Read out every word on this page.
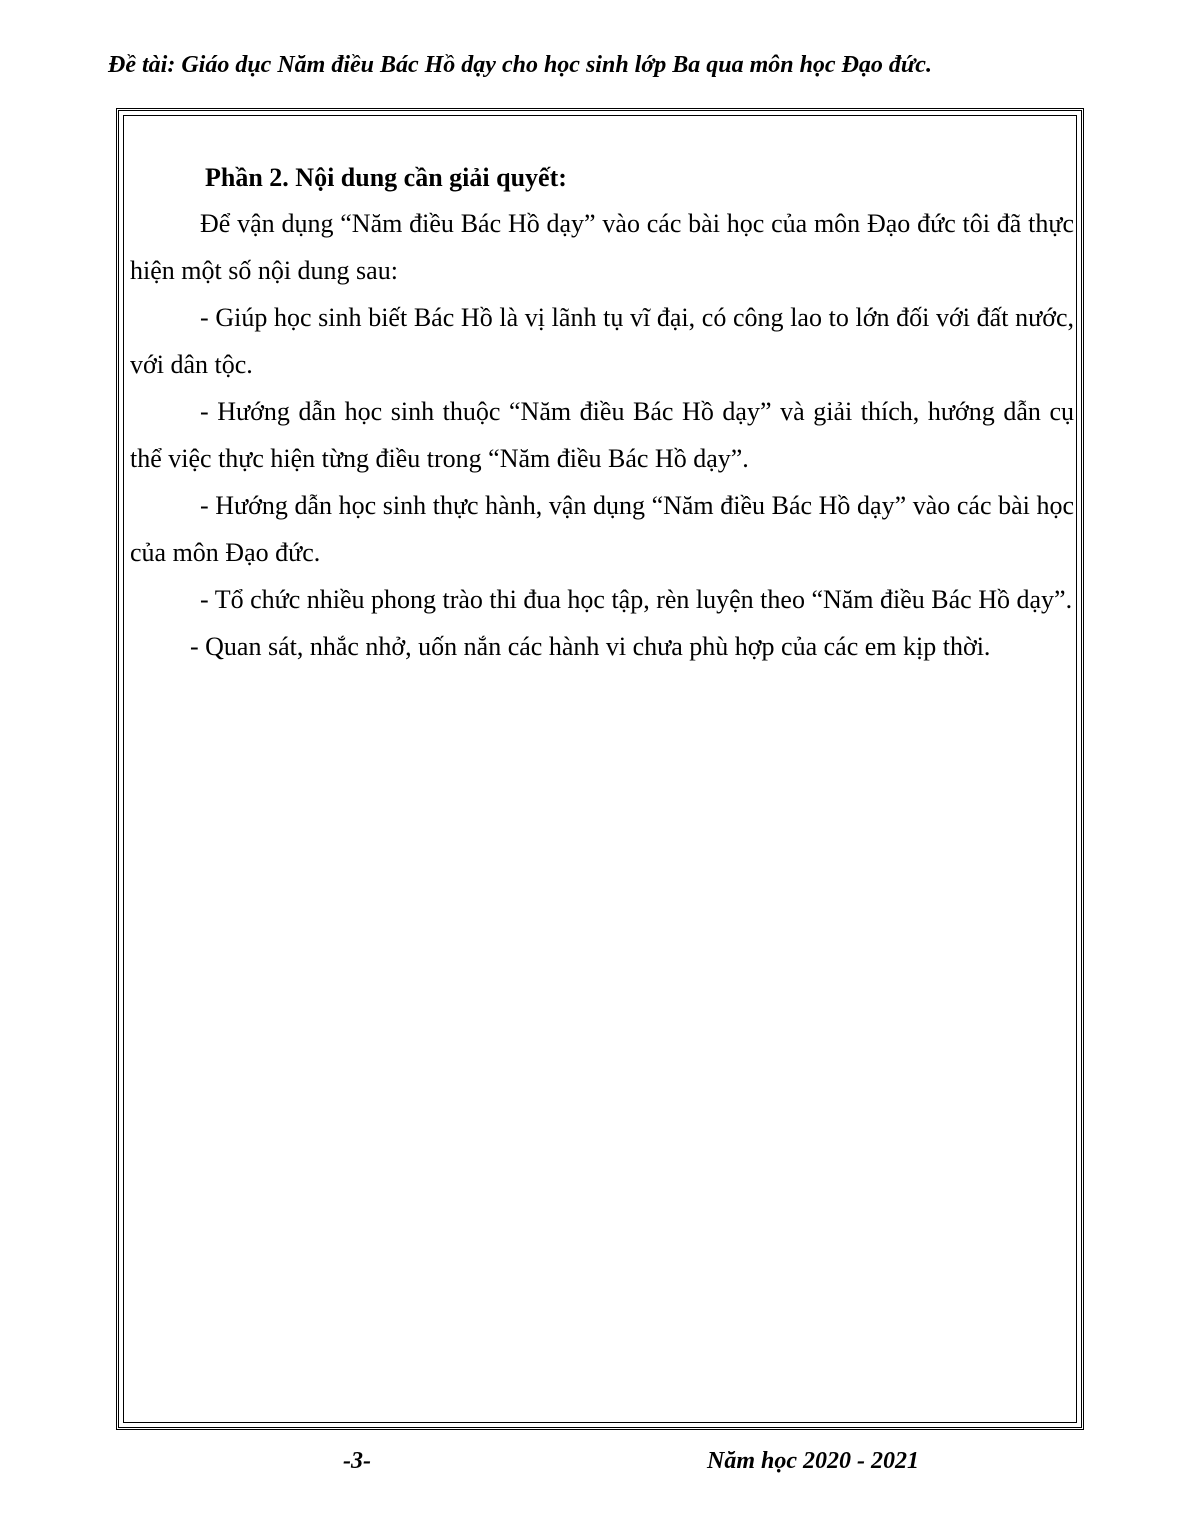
Đề tài: Giáo dục Năm điều Bác Hồ dạy cho học sinh lớp Ba qua môn học Đạo đức.

Phần 2. Nội dung cần giải quyết:

Để vận dụng “Năm điều Bác Hồ dạy” vào các bài học của môn Đạo đức tôi đã thực hiện một số nội dung sau:

- Giúp học sinh biết Bác Hồ là vị lãnh tụ vĩ đại, có công lao to lớn đối với đất nước, với dân tộc.

- Hướng dẫn học sinh thuộc “Năm điều Bác Hồ dạy” và giải thích, hướng dẫn cụ thể việc thực hiện từng điều trong “Năm điều Bác Hồ dạy”.

- Hướng dẫn học sinh thực hành, vận dụng “Năm điều Bác Hồ dạy” vào các bài học của môn Đạo đức.

- Tổ chức nhiều phong trào thi đua học tập, rèn luyện theo “Năm điều Bác Hồ dạy”.

- Quan sát, nhắc nhở, uốn nắn các hành vi chưa phù hợp của các em kịp thời.

-3-	Năm học 2020 - 2021
